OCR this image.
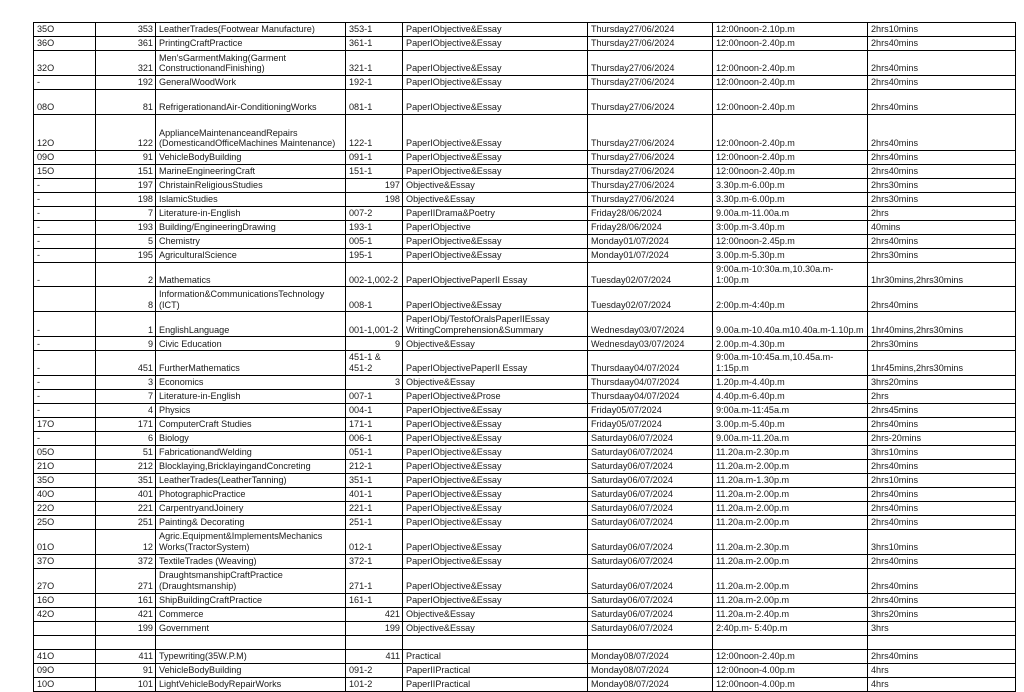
35O	353	LeatherTrades(Footwear Manufacture)	353-1	PaperIObjective&Essay	Thursday27/06/2024	12:00noon-2.10p.m	2hrs10mins
36O	361	PrintingCraftPractice	361-1	PaperIObjective&Essay	Thursday27/06/2024	12:00noon-2.40p.m	2hrs40mins
32O	321	Men'sGarmentMaking(Garment ConstructionandFinishing)	321-1	PaperIObjective&Essay	Thursday27/06/2024	12:00noon-2.40p.m	2hrs40mins
-	192	GeneralWoodWork	192-1	PaperIObjective&Essay	Thursday27/06/2024	12:00noon-2.40p.m	2hrs40mins
08O	81	RefrigerationandAir-ConditioningWorks	081-1	PaperIObjective&Essay	Thursday27/06/2024	12:00noon-2.40p.m	2hrs40mins
12O	122	ApplianceMaintenanceandRepairs (DomesticandOfficeMachines Maintenance)	122-1	PaperIObjective&Essay	Thursday27/06/2024	12:00noon-2.40p.m	2hrs40mins
09O	91	VehicleBodyBuilding	091-1	PaperIObjective&Essay	Thursday27/06/2024	12:00noon-2.40p.m	2hrs40mins
15O	151	MarineEngineeringCraft	151-1	PaperIObjective&Essay	Thursday27/06/2024	12:00noon-2.40p.m	2hrs40mins
-	197	ChristainReligiousStudies	197	Objective&Essay	Thursday27/06/2024	3.30p.m-6.00p.m	2hrs30mins
-	198	IslamicStudies	198	Objective&Essay	Thursday27/06/2024	3.30p.m-6.00p.m	2hrs30mins
-	7	Literature-in-English	007-2	PaperIIDrama&Poetry	Friday28/06/2024	9.00a.m-11.00a.m	2hrs
-	193	Building/EngineeringDrawing	193-1	PaperIObjective	Friday28/06/2024	3:00p.m-3.40p.m	40mins
-	5	Chemistry	005-1	PaperIObjective&Essay	Monday01/07/2024	12:00noon-2.45p.m	2hrs40mins
-	195	AgriculturalScience	195-1	PaperIObjective&Essay	Monday01/07/2024	3.00p.m-5.30p.m	2hrs30mins
-	2	Mathematics	002-1,002-2	PaperIObjectivePaperII Essay	Tuesday02/07/2024	9:00a.m-10:30a.m,10.30a.m-1:00p.m	1hr30mins,2hrs30mins
	8	Information&CommunicationsTechnology (ICT)	008-1	PaperIObjective&Essay	Tuesday02/07/2024	2:00p.m-4:40p.m	2hrs40mins
-	1	EnglishLanguage	001-1,001-2	PaperIObj/TestofOralsPaperIIEssay WritingComprehension&Summary	Wednesday03/07/2024	9.00a.m-10.40a.m10.40a.m-1.10p.m	1hr40mins,2hrs30mins
-	9	Civic Education	9	Objective&Essay	Wednesday03/07/2024	2.00p.m-4.30p.m	2hrs30mins
-	451	FurtherMathematics	451-1 & 451-2	PaperIObjectivePaperII Essay	Thursdaay04/07/2024	9:00a.m-10:45a.m,10.45a.m-1:15p.m	1hr45mins,2hrs30mins
-	3	Economics	3	Objective&Essay	Thursdaay04/07/2024	1.20p.m-4.40p.m	3hrs20mins
-	7	Literature-in-English	007-1	PaperIObjective&Prose	Thursdaay04/07/2024	4.40p.m-6.40p.m	2hrs
-	4	Physics	004-1	PaperIObjective&Essay	Friday05/07/2024	9:00a.m-11:45a.m	2hrs45mins
17O	171	ComputerCraft Studies	171-1	PaperIObjective&Essay	Friday05/07/2024	3.00p.m-5.40p.m	2hrs40mins
-	6	Biology	006-1	PaperIObjective&Essay	Saturday06/07/2024	9.00a.m-11.20a.m	2hrs-20mins
05O	51	FabricationandWelding	051-1	PaperIObjective&Essay	Saturday06/07/2024	11.20a.m-2.30p.m	3hrs10mins
21O	212	Blocklaying,BricklayingandConcreting	212-1	PaperIObjective&Essay	Saturday06/07/2024	11.20a.m-2.00p.m	2hrs40mins
35O	351	LeatherTrades(LeatherTanning)	351-1	PaperIObjective&Essay	Saturday06/07/2024	11.20a.m-1.30p.m	2hrs10mins
40O	401	PhotographicPractice	401-1	PaperIObjective&Essay	Saturday06/07/2024	11.20a.m-2.00p.m	2hrs40mins
22O	221	CarpentryandJoinery	221-1	PaperIObjective&Essay	Saturday06/07/2024	11.20a.m-2.00p.m	2hrs40mins
25O	251	Painting& Decorating	251-1	PaperIObjective&Essay	Saturday06/07/2024	11.20a.m-2.00p.m	2hrs40mins
01O	12	Agric.Equipment&ImplementsMechanics Works(TractorSystem)	012-1	PaperIObjective&Essay	Saturday06/07/2024	11.20a.m-2.30p.m	3hrs10mins
37O	372	TextileTrades (Weaving)	372-1	PaperIObjective&Essay	Saturday06/07/2024	11.20a.m-2.00p.m	2hrs40mins
27O	271	DraughtsmanshipCraftPractice (Draughtsmanship)	271-1	PaperIObjective&Essay	Saturday06/07/2024	11.20a.m-2.00p.m	2hrs40mins
16O	161	ShipBuildingCraftPractice	161-1	PaperIObjective&Essay	Saturday06/07/2024	11.20a.m-2.00p.m	2hrs40mins
42O	421	Commerce	421	Objective&Essay	Saturday06/07/2024	11.20a.m-2.40p.m	3hrs20mins
	199	Government	199	Objective&Essay	Saturday06/07/2024	2:40p.m- 5:40p.m	3hrs

41O	411	Typewriting(35W.P.M)	411	Practical	Monday08/07/2024	12:00noon-2.40p.m	2hrs40mins
09O	91	VehicleBodyBuilding	091-2	PaperIIPractical	Monday08/07/2024	12:00noon-4.00p.m	4hrs
10O	101	LightVehicleBodyRepairWorks	101-2	PaperIIPractical	Monday08/07/2024	12:00noon-4.00p.m	4hrs
